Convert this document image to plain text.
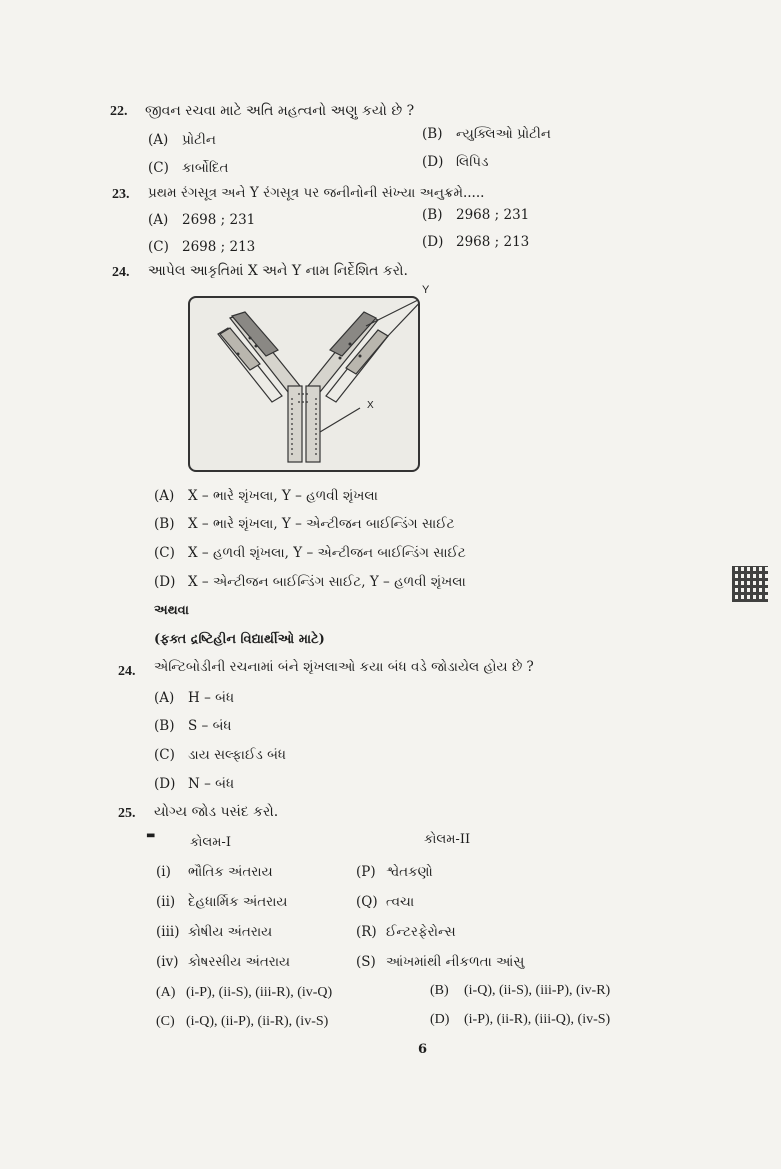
22. જીવન રચવા માટે અતિ મહત્વનો અણુ કયો છે ?
(A) પ્રોટીન	(B) ન્યુક્લિઓ પ્રોટીન
(C) કાર્બોદિત	(D) લિપિડ
23. પ્રથમ રંગસૂત્ર અને Y રંગસૂત્ર પર જનીનોની સંખ્યા અનુક્રમે.....
(A) 2698 ; 231	(B) 2968 ; 231
(C) 2698 ; 213	(D) 2968 ; 213
24. આપેલ આકૃતિમાં X અને Y નામ નિર્દેશિત કરો.
Y
X
(A) X – ભારે શૃંખલા, Y – હળવી શૃંખલા
(B) X – ભારે શૃંખલા, Y – એન્ટીજન બાઈન્ડિંગ સાઈટ
(C) X – હળવી શૃંખલા, Y – એન્ટીજન બાઈન્ડિંગ સાઈટ
(D) X – એન્ટીજન બાઈન્ડિંગ સાઈટ, Y – હળવી શૃંખલા
અથવા
(ફક્ત દ્રષ્ટિહીન વિદ્યાર્થીઓ માટે)
24. એન્ટિબોડીની રચનામાં બંને શૃંખલાઓ કયા બંધ વડે જોડાયેલ હોય છે ?
(A) H – બંધ
(B) S – બંધ
(C) ડાય સલ્ફાઈડ બંધ
(D) N – બંધ
25. યોગ્ય જોડ પસંદ કરો.
▬	કોલમ-I	કોલમ-II
(i) ભૌતિક અંતરાય	(P) શ્વેતકણો
(ii) દેહધાર્મિક અંતરાય	(Q) ત્વચા
(iii) કોષીય અંતરાય	(R) ઈન્ટરફેરોન્સ
(iv) કોષરસીય અંતરાય	(S) આંખમાંથી નીકળતા આંસુ
(A) (i-P), (ii-S), (iii-R), (iv-Q)	(B) (i-Q), (ii-S), (iii-P), (iv-R)
(C) (i-Q), (ii-P), (ii-R), (iv-S)	(D) (i-P), (ii-R), (iii-Q), (iv-S)
6
